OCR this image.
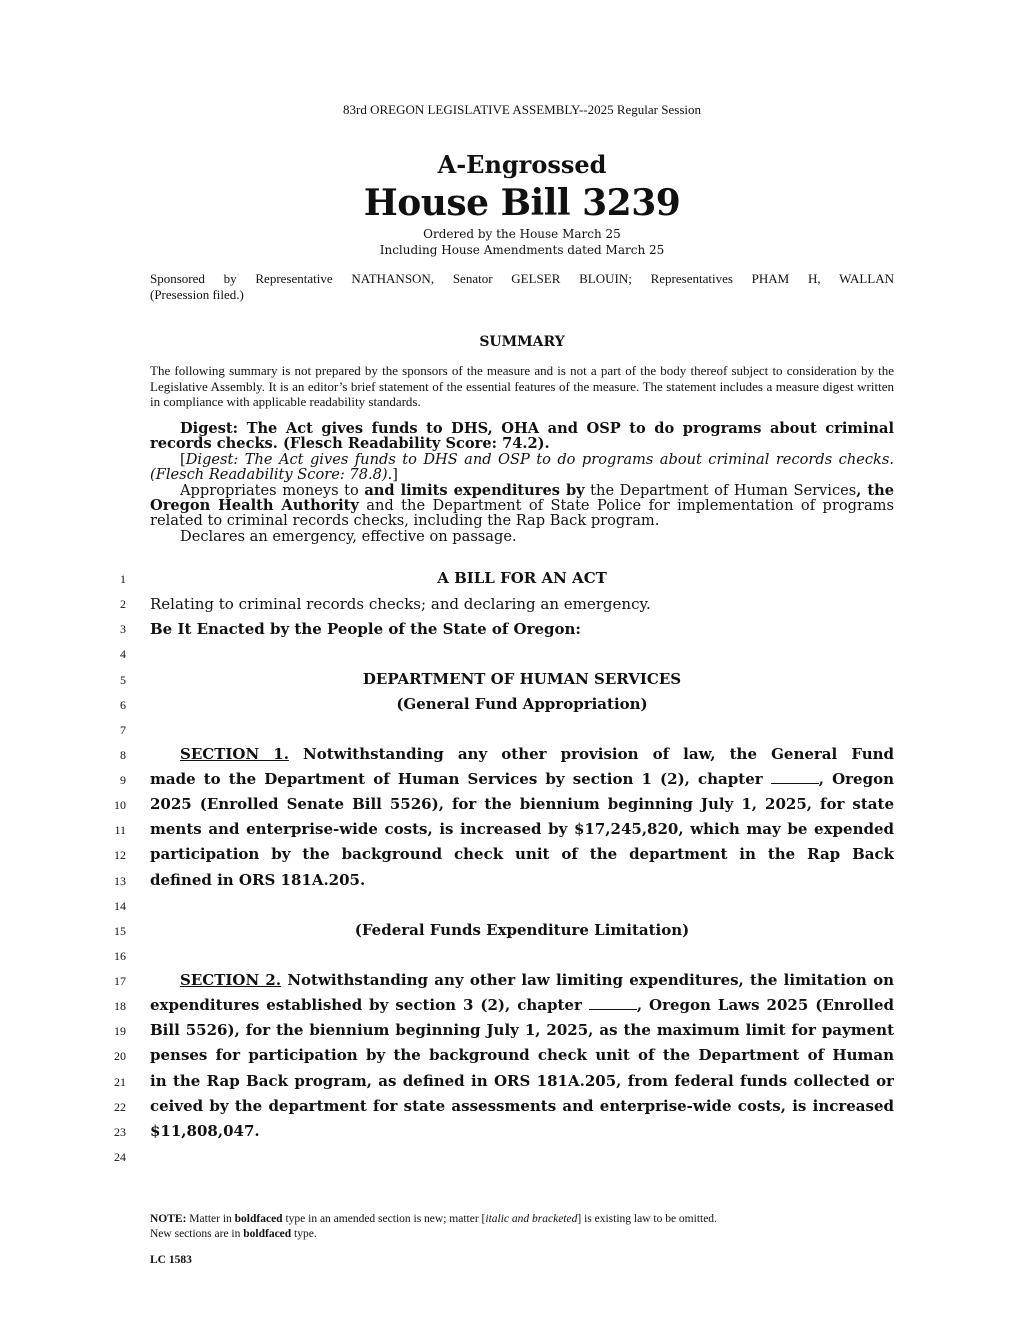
83rd OREGON LEGISLATIVE ASSEMBLY--2025 Regular Session
A-Engrossed
House Bill 3239
Ordered by the House March 25
Including House Amendments dated March 25
Sponsored by Representative NATHANSON, Senator GELSER BLOUIN; Representatives PHAM H, WALLAN
(Presession filed.)
SUMMARY
The following summary is not prepared by the sponsors of the measure and is not a part of the body thereof subject to consideration by the Legislative Assembly. It is an editor’s brief statement of the essential features of the measure. The statement includes a measure digest written in compliance with applicable readability standards.

Digest: The Act gives funds to DHS, OHA and OSP to do programs about criminal records checks. (Flesch Readability Score: 74.2).

[Digest: The Act gives funds to DHS and OSP to do programs about criminal records checks. (Flesch Readability Score: 78.8).]

Appropriates moneys to and limits expenditures by the Department of Human Services, the Oregon Health Authority and the Department of State Police for implementation of programs related to criminal records checks, including the Rap Back program.

Declares an emergency, effective on passage.

1
2
3
4
5
6
7
8
9
10
11
12
13
14
15
16
17
18
19
20
21
22
23
24
A BILL FOR AN ACT
Relating to criminal records checks; and declaring an emergency.
Be It Enacted by the People of the State of Oregon:
DEPARTMENT OF HUMAN SERVICES
(General Fund Appropriation)
SECTION 1. Notwithstanding any other provision of law, the General Fund
made to the Department of Human Services by section 1 (2), chapter	, Oregon
2025 (Enrolled Senate Bill 5526), for the biennium beginning July 1, 2025, for state
ments and enterprise-wide costs, is increased by $17,245,820, which may be expended
participation by the background check unit of the department in the Rap Back
defined in ORS 181A.205.
(Federal Funds Expenditure Limitation)
SECTION 2. Notwithstanding any other law limiting expenditures, the limitation on
expenditures established by section 3 (2), chapter	, Oregon Laws 2025 (Enrolled
Bill 5526), for the biennium beginning July 1, 2025, as the maximum limit for payment
penses for participation by the background check unit of the Department of Human
in the Rap Back program, as defined in ORS 181A.205, from federal funds collected or
ceived by the department for state assessments and enterprise-wide costs, is increased
$11,808,047.
NOTE: Matter in boldfaced type in an amended section is new; matter [italic and bracketed] is existing law to be omitted.
New sections are in boldfaced type.
LC 1583
